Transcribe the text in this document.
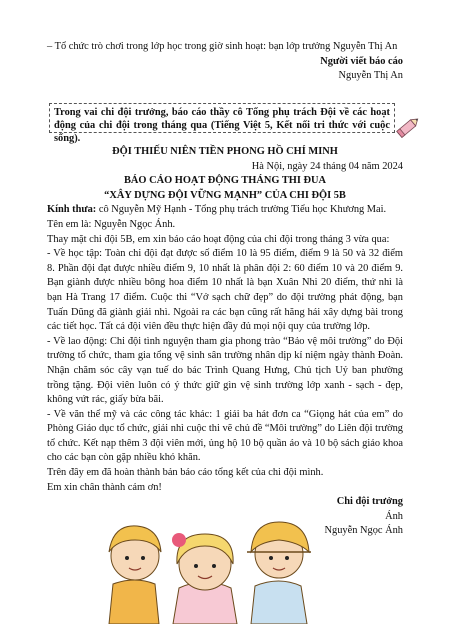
– Tổ chức trò chơi trong lớp học trong giờ sinh hoạt: bạn lớp trưởng Nguyễn Thị An

Người viết báo cáo

Nguyễn Thị An

Trong vai chi đội trưởng, báo cáo thầy cô Tổng phụ trách Đội về các hoạt động của chi đội trong tháng qua (Tiếng Việt 5, Kết nối tri thức với cuộc sống).

ĐỘI THIẾU NIÊN TIỀN PHONG HỒ CHÍ MINH

Hà Nội, ngày 24 tháng 04 năm 2024

BÁO CÁO HOẠT ĐỘNG THÁNG THI ĐUA

“XÂY DỰNG ĐỘI VỮNG MẠNH” CỦA CHI ĐỘI 5B

Kính thưa: cô Nguyễn Mỹ Hạnh - Tổng phụ trách trường Tiểu học Khương Mai.

Tên em là: Nguyễn Ngọc Ánh.

Thay mặt chi đội 5B, em xin báo cáo hoạt động của chi đội trong tháng 3 vừa qua:

- Về học tập: Toàn chi đội đạt được số điểm 10 là 95 điểm, điểm 9 là 50 và 32 điểm 8. Phần đội đạt được nhiều điểm 9, 10 nhất là phân đội 2: 60 điểm 10 và 20 điểm 9. Bạn giành được nhiều bông hoa điểm 10 nhất là bạn Xuân Nhi 20 điểm, thứ nhì là bạn Hà Trang 17 điểm. Cuộc thi “Vở sạch chữ đẹp” do đội trường phát động, bạn Tuấn Dũng đã giành giải nhì. Ngoài ra các bạn cũng rất hăng hái xây dựng bài trong các tiết học. Tất cả đội viên đều thực hiện đầy đủ mọi nội quy của trường lớp.

- Về lao động: Chi đội tình nguyện tham gia phong trào “Bảo vệ môi trường” do Đội trường tổ chức, tham gia tổng vệ sinh sân trường nhân dịp kỉ niệm ngày thành Đoàn. Nhận chăm sóc cây vạn tuế do bác Trình Quang Hưng, Chủ tịch Uỷ ban phường trồng tặng. Đội viên luôn có ý thức giữ gìn vệ sinh trường lớp xanh - sạch - đẹp, không vứt rác, giấy bừa bãi.

- Về văn thể mỹ và các công tác khác: 1 giải ba hát đơn ca “Giọng hát của em” do Phòng Giáo dục tổ chức, giải nhì cuộc thi vẽ chủ đề “Môi trường” do Liên đội trường tổ chức. Kết nạp thêm 3 đội viên mới, ủng hộ 10 bộ quần áo và 10 bộ sách giáo khoa cho các bạn còn gặp nhiều khó khăn.

Trên đây em đã hoàn thành bản báo cáo tổng kết của chi đội mình.

Em xin chân thành cảm ơn!

Chi đội trưởng

Ánh

Nguyễn Ngọc Ánh
